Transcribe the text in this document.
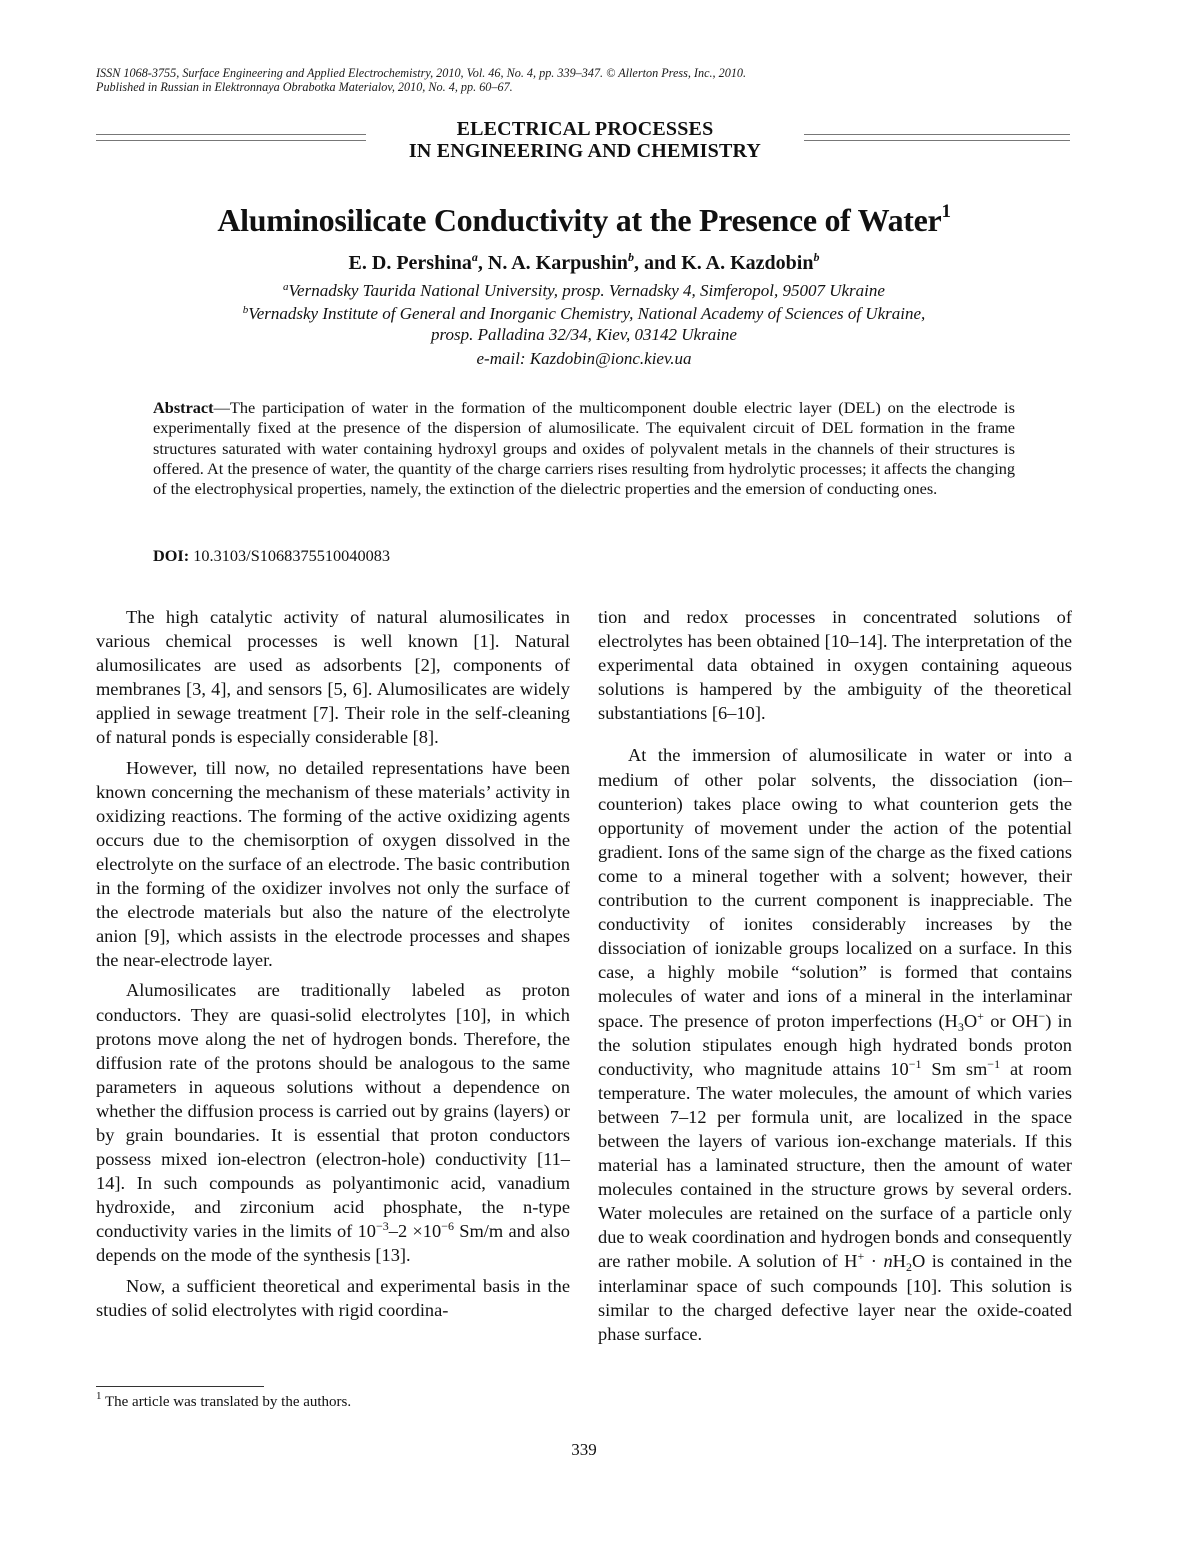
ISSN 1068-3755, Surface Engineering and Applied Electrochemistry, 2010, Vol. 46, No. 4, pp. 339–347. © Allerton Press, Inc., 2010.
Published in Russian in Elektronnaya Obrabotka Materialov, 2010, No. 4, pp. 60–67.
ELECTRICAL PROCESSES
IN ENGINEERING AND CHEMISTRY
Aluminosilicate Conductivity at the Presence of Water$^1$
E. D. Pershina$^a$, N. A. Karpushin$^b$, and K. A. Kazdobin$^b$
$^a$Vernadsky Taurida National University, prosp. Vernadsky 4, Simferopol, 95007 Ukraine
$^b$Vernadsky Institute of General and Inorganic Chemistry, National Academy of Sciences of Ukraine,
prosp. Palladina 32/34, Kiev, 03142 Ukraine
e-mail: Kazdobin@ionc.kiev.ua
Abstract—The participation of water in the formation of the multicomponent double electric layer (DEL) on the electrode is experimentally fixed at the presence of the dispersion of alumosilicate. The equivalent circuit of DEL formation in the frame structures saturated with water containing hydroxyl groups and oxides of polyvalent metals in the channels of their structures is offered. At the presence of water, the quantity of the charge carriers rises resulting from hydrolytic processes; it affects the changing of the electrophysical properties, namely, the extinction of the dielectric properties and the emersion of conducting ones.
DOI: 10.3103/S1068375510040083

The high catalytic activity of natural alumosilicates in various chemical processes is well known [1]. Natural alumosilicates are used as adsorbents [2], components of membranes [3, 4], and sensors [5, 6]. Alumosilicates are widely applied in sewage treatment [7]. Their role in the self-cleaning of natural ponds is especially considerable [8].

However, till now, no detailed representations have been known concerning the mechanism of these materials’ activity in oxidizing reactions. The forming of the active oxidizing agents occurs due to the chemisorption of oxygen dissolved in the electrolyte on the surface of an electrode. The basic contribution in the forming of the oxidizer involves not only the surface of the electrode materials but also the nature of the electrolyte anion [9], which assists in the electrode processes and shapes the near-electrode layer.

Alumosilicates are traditionally labeled as proton conductors. They are quasi-solid electrolytes [10], in which protons move along the net of hydrogen bonds. Therefore, the diffusion rate of the protons should be analogous to the same parameters in aqueous solutions without a dependence on whether the diffusion process is carried out by grains (layers) or by grain boundaries. It is essential that proton conductors possess mixed ion-electron (electron-hole) conductivity [11–14]. In such compounds as polyantimonic acid, vanadium hydroxide, and zirconium acid phosphate, the n-type conductivity varies in the limits of $10^{-3}-2 \times 10^{-6}$ Sm/m and also depends on the mode of the synthesis [13].

Now, a sufficient theoretical and experimental basis in the studies of solid electrolytes with rigid coordina-

tion and redox processes in concentrated solutions of electrolytes has been obtained [10–14]. The interpretation of the experimental data obtained in oxygen containing aqueous solutions is hampered by the ambiguity of the theoretical substantiations [6–10].

At the immersion of alumosilicate in water or into a medium of other polar solvents, the dissociation (ion–counterion) takes place owing to what counterion gets the opportunity of movement under the action of the potential gradient. Ions of the same sign of the charge as the fixed cations come to a mineral together with a solvent; however, their contribution to the current component is inappreciable. The conductivity of ionites considerably increases by the dissociation of ionizable groups localized on a surface. In this case, a highly mobile “solution” is formed that contains molecules of water and ions of a mineral in the interlaminar space. The presence of proton imperfections ($H_3O^+$ or OH−) in the solution stipulates enough high hydrated bonds proton conductivity, who magnitude attains $10^{-1}$ Sm $sm^{-1}$ at room temperature. The water molecules, the amount of which varies between 7–12 per formula unit, are localized in the space between the layers of various ion-exchange materials. If this material has a laminated structure, then the amount of water molecules contained in the structure grows by several orders. Water molecules are retained on the surface of a particle only due to weak coordination and hydrogen bonds and consequently are rather mobile. A solution of $H^+ \cdot nH_2O$ is contained in the interlaminar space of such compounds [10]. This solution is similar to the charged defective layer near the oxide-coated phase surface.

$^1$ The article was translated by the authors.
339
